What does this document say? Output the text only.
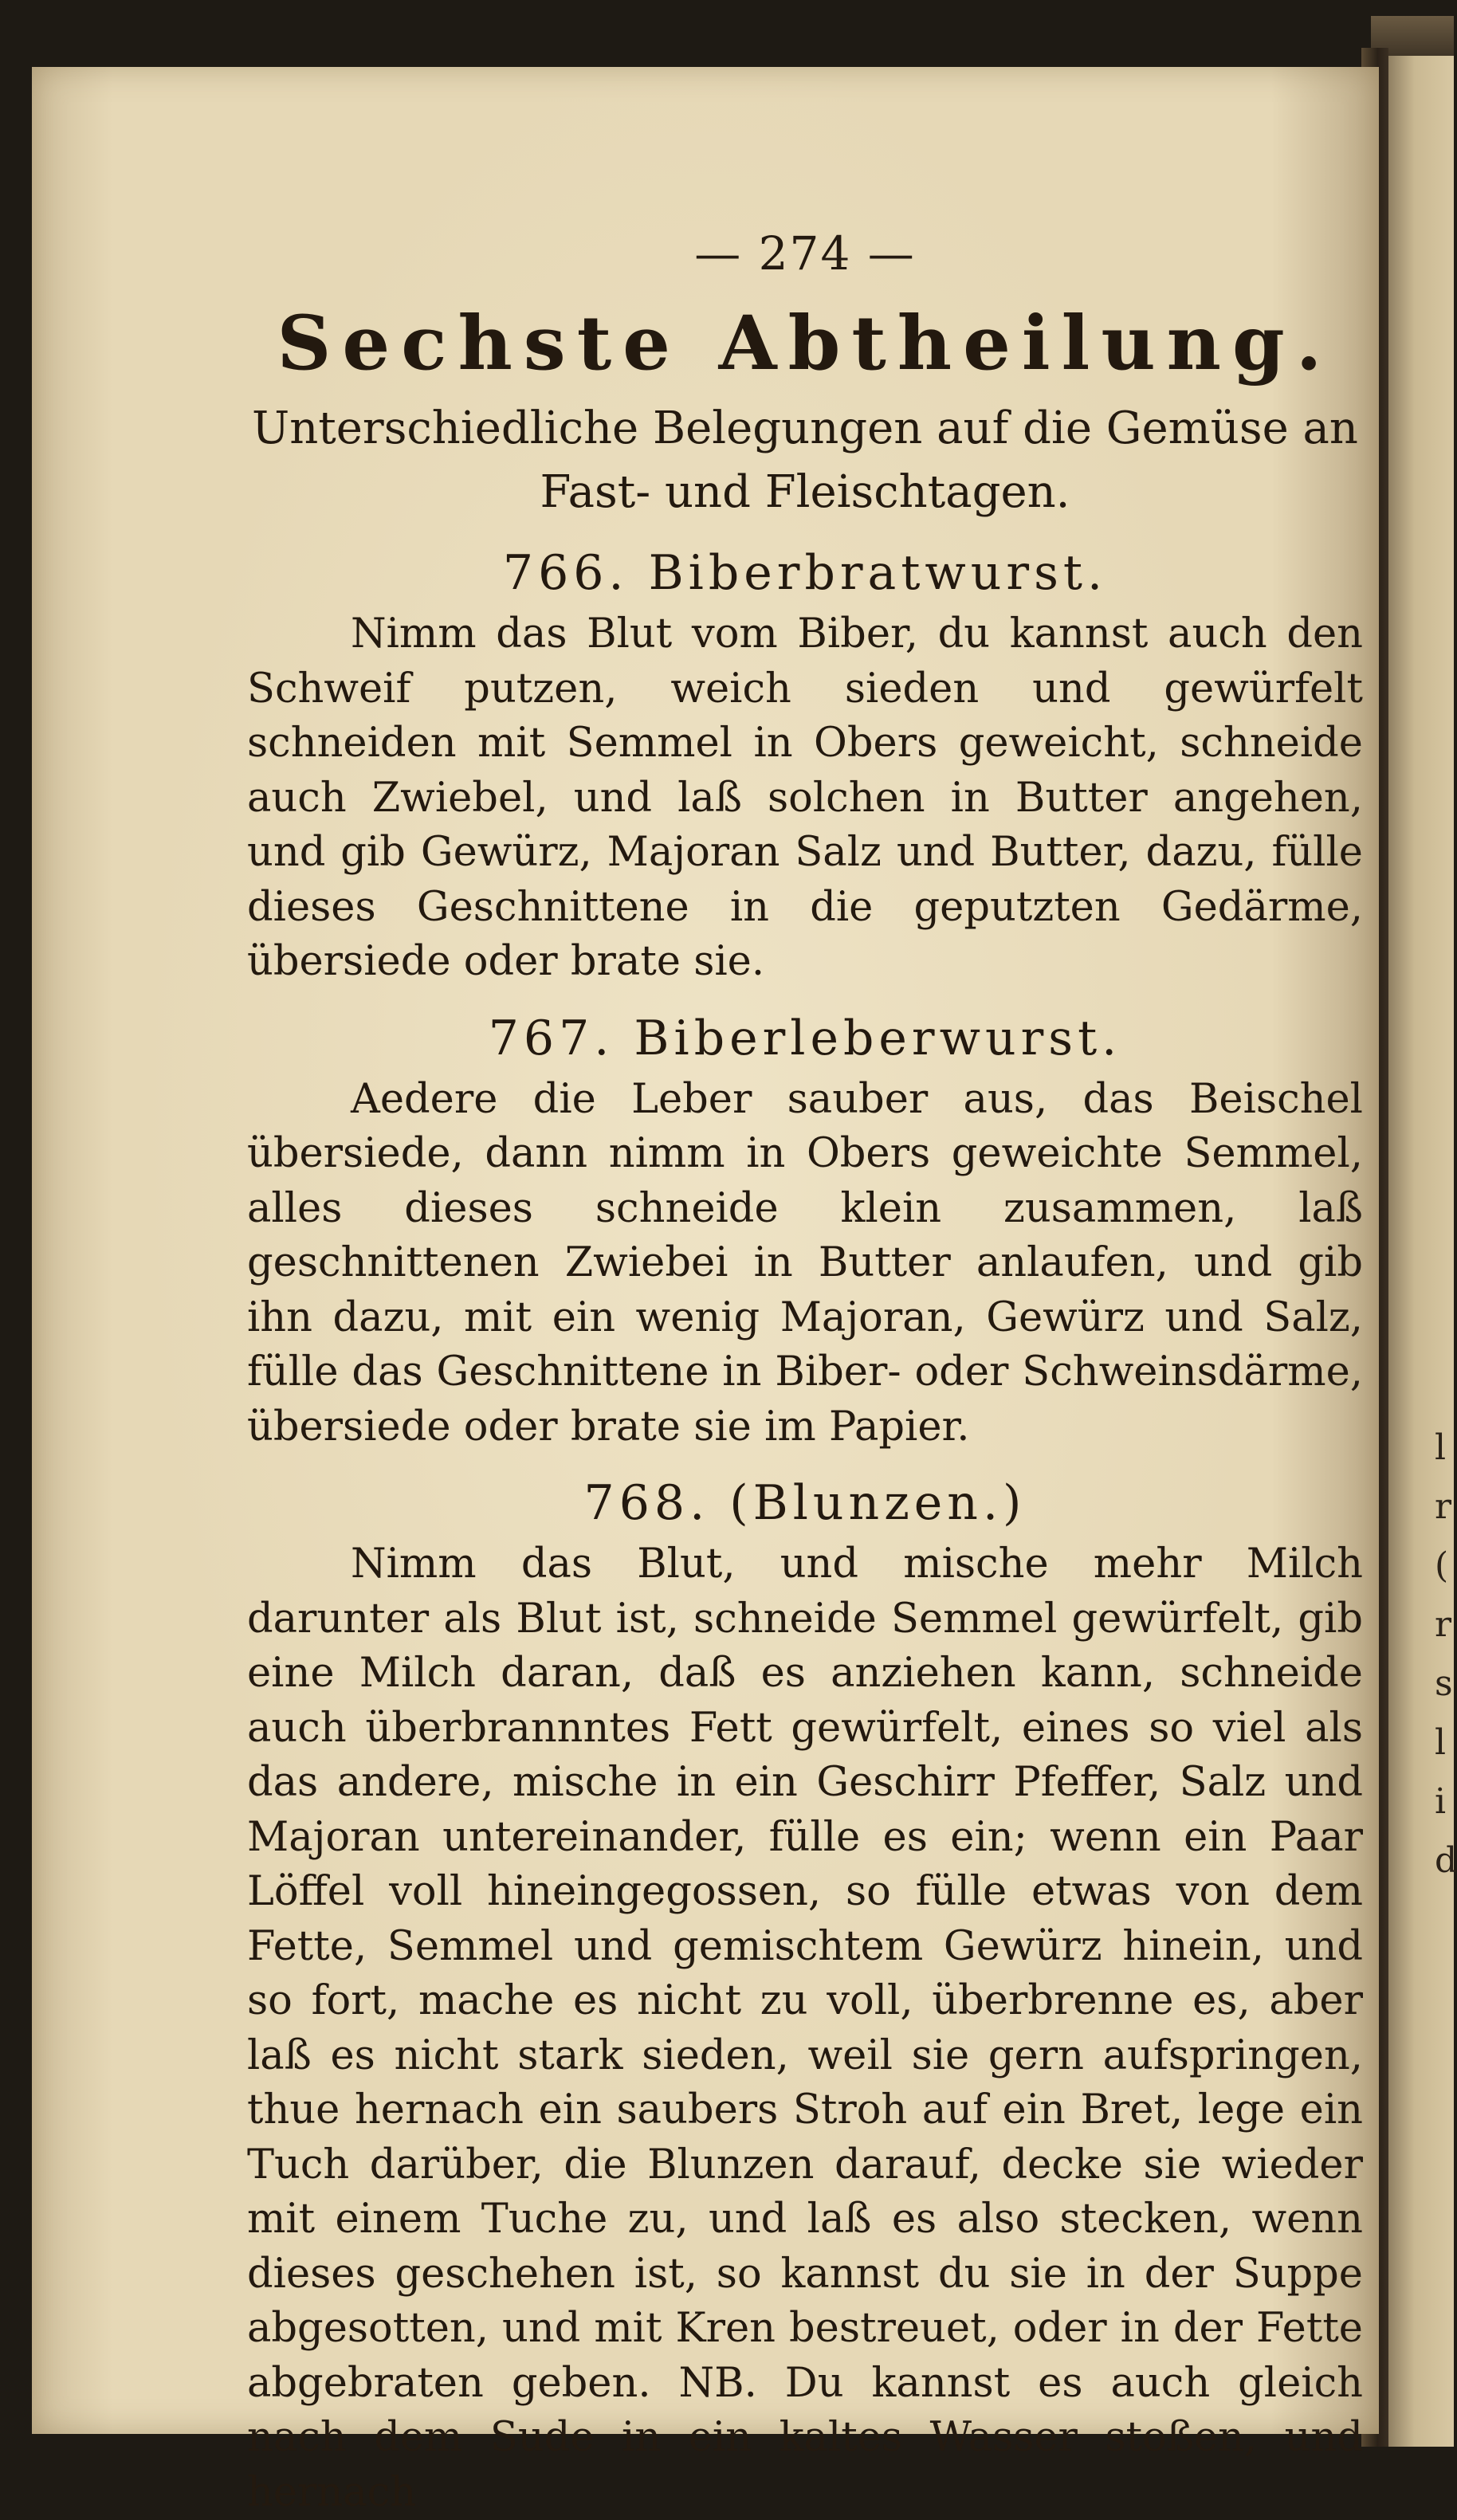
l
r
(
r
s
l
i
d
— 274 —
Sechste Abtheilung.
Unterschiedliche Belegungen auf die Gemüse an Fast- und Fleischtagen.
766. Biberbratwurst.

Nimm das Blut vom Biber, du kannst auch den Schweif putzen, weich sieden und gewürfelt schneiden mit Semmel in Obers geweicht, schneide auch Zwiebel, und laß solchen in Butter angehen, und gib Gewürz, Majoran Salz und Butter, dazu, fülle dieses Geschnittene in die geputzten Gedärme, übersiede oder brate sie.

767. Biberleberwurst.

Aedere die Leber sauber aus, das Beischel übersiede, dann nimm in Obers geweichte Semmel, alles dieses schneide klein zusammen, laß geschnittenen Zwiebei in Butter anlaufen, und gib ihn dazu, mit ein wenig Majoran, Gewürz und Salz, fülle das Geschnittene in Biber- oder Schweinsdärme, übersiede oder brate sie im Papier.

768. (Blunzen.)

Nimm das Blut, und mische mehr Milch darunter als Blut ist, schneide Semmel gewürfelt, gib eine Milch daran, daß es anziehen kann, schneide auch überbrannntes Fett gewürfelt, eines so viel als das andere, mische in ein Geschirr Pfeffer, Salz und Majoran untereinander, fülle es ein; wenn ein Paar Löffel voll hineingegossen, so fülle etwas von dem Fette, Semmel und gemischtem Gewürz hinein, und so fort, mache es nicht zu voll, überbrenne es, aber laß es nicht stark sieden, weil sie gern aufspringen, thue hernach ein saubers Stroh auf ein Bret, lege ein Tuch darüber, die Blunzen darauf, decke sie wieder mit einem Tuche zu, und laß es also stecken, wenn dieses geschehen ist, so kannst du sie in der Suppe abgesotten, und mit Kren bestreuet, oder in der Fette abgebraten geben. NB. Du kannst es auch gleich nach dem Sude in ein kaltes Wasser stoßen, und hernach
